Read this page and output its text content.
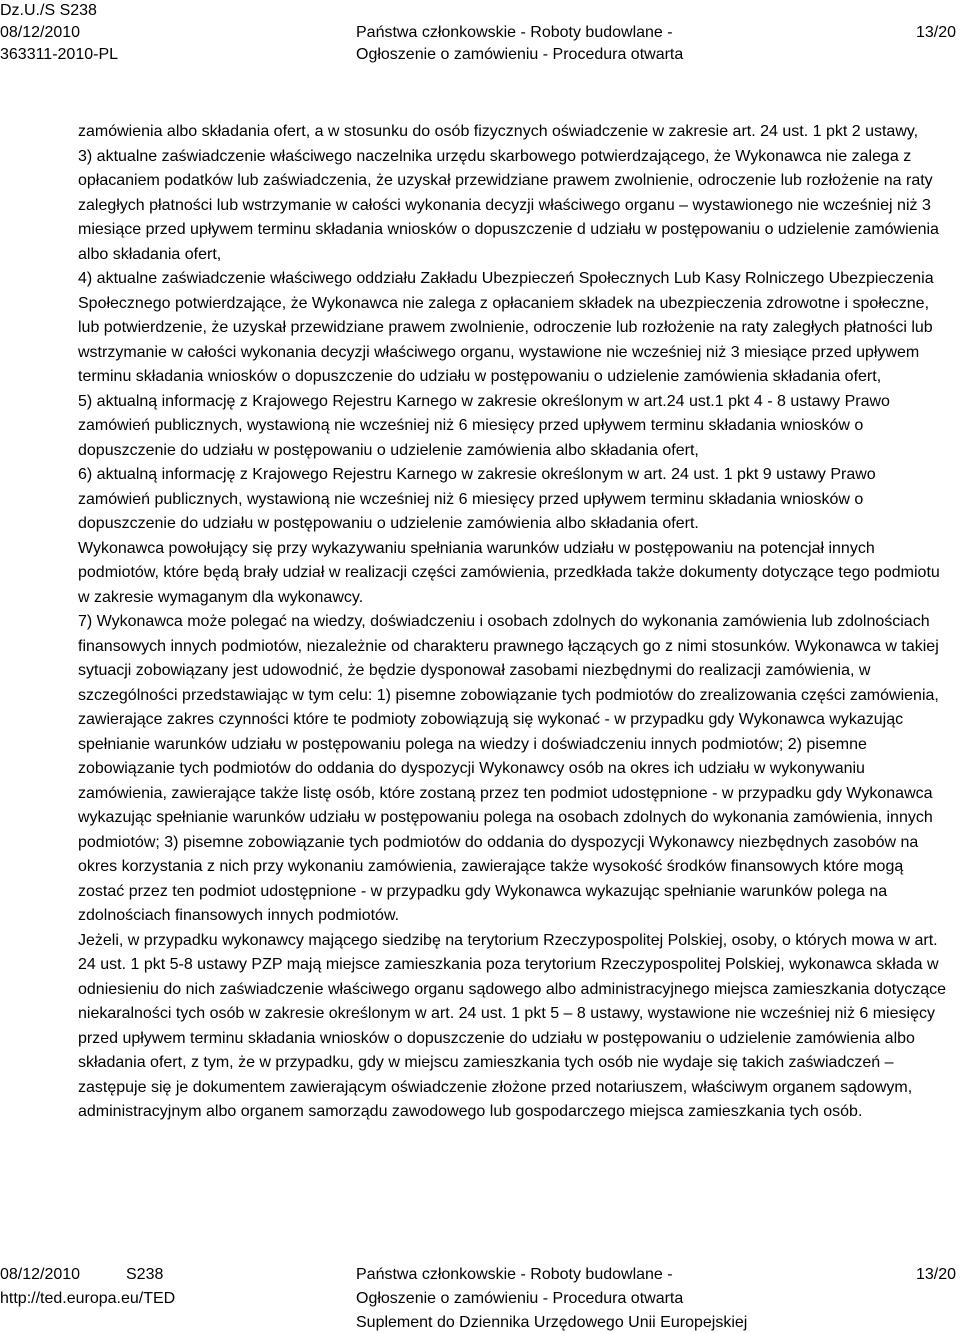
Dz.U./S S238
08/12/2010
363311-2010-PL
Państwa członkowskie - Roboty budowlane -
Ogłoszenie o zamówieniu - Procedura otwarta
13/20

zamówienia albo składania ofert, a w stosunku do osób fizycznych oświadczenie w zakresie art. 24 ust. 1 pkt 2 ustawy,

3) aktualne zaświadczenie właściwego naczelnika urzędu skarbowego potwierdzającego, że Wykonawca nie zalega z opłacaniem podatków lub zaświadczenia, że uzyskał przewidziane prawem zwolnienie, odroczenie lub rozłożenie na raty zaległych płatności lub wstrzymanie w całości wykonania decyzji właściwego organu – wystawionego nie wcześniej niż 3 miesiące przed upływem terminu składania wniosków o dopuszczenie d udziału w postępowaniu o udzielenie zamówienia albo składania ofert,

4) aktualne zaświadczenie właściwego oddziału Zakładu Ubezpieczeń Społecznych Lub Kasy Rolniczego Ubezpieczenia Społecznego potwierdzające, że Wykonawca nie zalega z opłacaniem składek na ubezpieczenia zdrowotne i społeczne, lub potwierdzenie, że uzyskał przewidziane prawem zwolnienie, odroczenie lub rozłożenie na raty zaległych płatności lub wstrzymanie w całości wykonania decyzji właściwego organu, wystawione nie wcześniej niż 3 miesiące przed upływem terminu składania wniosków o dopuszczenie do udziału w postępowaniu o udzielenie zamówienia składania ofert,

5) aktualną informację z Krajowego Rejestru Karnego w zakresie określonym w art.24 ust.1 pkt 4 - 8 ustawy Prawo zamówień publicznych, wystawioną nie wcześniej niż 6 miesięcy przed upływem terminu składania wniosków o dopuszczenie do udziału w postępowaniu o udzielenie zamówienia albo składania ofert,

6) aktualną informację z Krajowego Rejestru Karnego w zakresie określonym w art. 24 ust. 1 pkt 9 ustawy Prawo zamówień publicznych, wystawioną nie wcześniej niż 6 miesięcy przed upływem terminu składania wniosków o dopuszczenie do udziału w postępowaniu o udzielenie zamówienia albo składania ofert.

Wykonawca powołujący się przy wykazywaniu spełniania warunków udziału w postępowaniu na potencjał innych podmiotów, które będą brały udział w realizacji części zamówienia, przedkłada także dokumenty dotyczące tego podmiotu w zakresie wymaganym dla wykonawcy.

7) Wykonawca może polegać na wiedzy, doświadczeniu i osobach zdolnych do wykonania zamówienia lub zdolnościach finansowych innych podmiotów, niezależnie od charakteru prawnego łączących go z nimi stosunków. Wykonawca w takiej sytuacji zobowiązany jest udowodnić, że będzie dysponował zasobami niezbędnymi do realizacji zamówienia, w szczególności przedstawiając w tym celu: 1) pisemne zobowiązanie tych podmiotów do zrealizowania części zamówienia, zawierające zakres czynności które te podmioty zobowiązują się wykonać - w przypadku gdy Wykonawca wykazując spełnianie warunków udziału w postępowaniu polega na wiedzy i doświadczeniu innych podmiotów; 2) pisemne zobowiązanie tych podmiotów do oddania do dyspozycji Wykonawcy osób na okres ich udziału w wykonywaniu zamówienia, zawierające także listę osób, które zostaną przez ten podmiot udostępnione - w przypadku gdy Wykonawca wykazując spełnianie warunków udziału w postępowaniu polega na osobach zdolnych do wykonania zamówienia, innych podmiotów; 3) pisemne zobowiązanie tych podmiotów do oddania do dyspozycji Wykonawcy niezbędnych zasobów na okres korzystania z nich przy wykonaniu zamówienia, zawierające także wysokość środków finansowych które mogą zostać przez ten podmiot udostępnione - w przypadku gdy Wykonawca wykazując spełnianie warunków polega na zdolnościach finansowych innych podmiotów.

Jeżeli, w przypadku wykonawcy mającego siedzibę na terytorium Rzeczypospolitej Polskiej, osoby, o których mowa w art. 24 ust. 1 pkt 5-8 ustawy PZP mają miejsce zamieszkania poza terytorium Rzeczypospolitej Polskiej, wykonawca składa w odniesieniu do nich zaświadczenie właściwego organu sądowego albo administracyjnego miejsca zamieszkania dotyczące niekaralności tych osób w zakresie określonym w art. 24 ust. 1 pkt 5 – 8 ustawy, wystawione nie wcześniej niż 6 miesięcy przed upływem terminu składania wniosków o dopuszczenie do udziału w postępowaniu o udzielenie zamówienia albo składania ofert, z tym, że w przypadku, gdy w miejscu zamieszkania tych osób nie wydaje się takich zaświadczeń – zastępuje się je dokumentem zawierającym oświadczenie złożone przed notariuszem, właściwym organem sądowym, administracyjnym albo organem samorządu zawodowego lub gospodarczego miejsca zamieszkania tych osób.

08/12/2010	S238
http://ted.europa.eu/TED
Państwa członkowskie - Roboty budowlane -
Ogłoszenie o zamówieniu - Procedura otwarta
Suplement do Dziennika Urzędowego Unii Europejskiej
13/20
